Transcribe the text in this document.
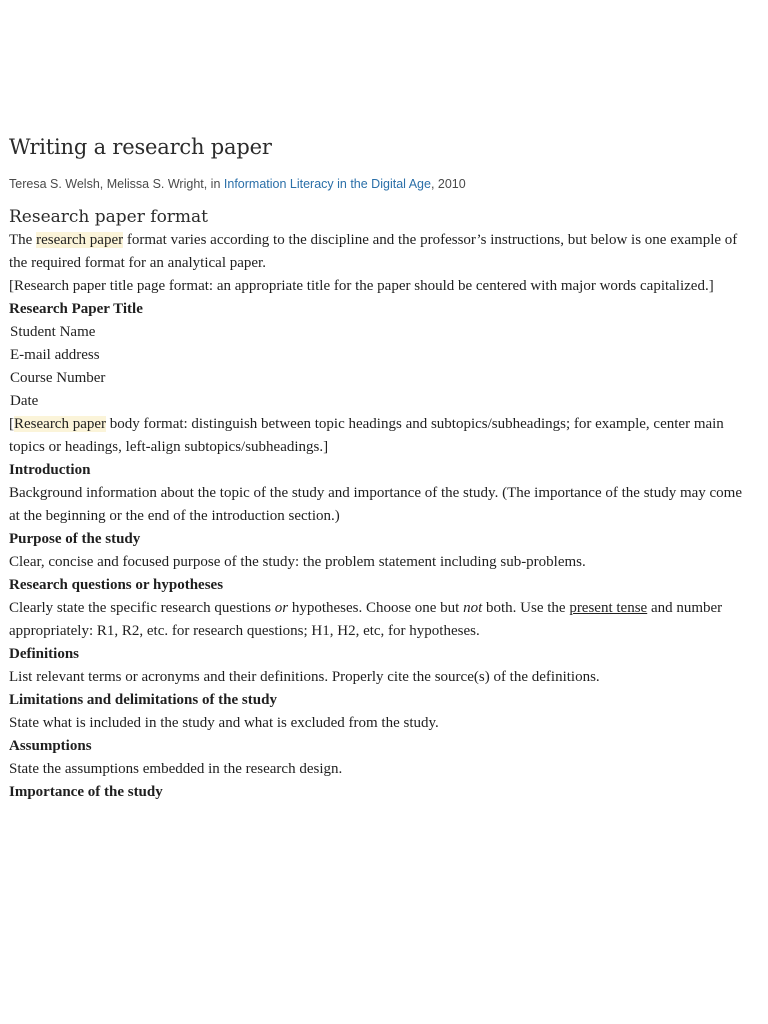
Writing a research paper
Teresa S. Welsh, Melissa S. Wright, in Information Literacy in the Digital Age, 2010
Research paper format

The research paper format varies according to the discipline and the professor’s instructions, but below is one example of the required format for an analytical paper.

[Research paper title page format: an appropriate title for the paper should be centered with major words capitalized.]

Research Paper Title

Student Name

E-mail address

Course Number

Date

[Research paper body format: distinguish between topic headings and subtopics/subheadings; for example, center main topics or headings, left-align subtopics/subheadings.]

Introduction

Background information about the topic of the study and importance of the study. (The importance of the study may come at the beginning or the end of the introduction section.)

Purpose of the study

Clear, concise and focused purpose of the study: the problem statement including sub-problems.

Research questions or hypotheses

Clearly state the specific research questions or hypotheses. Choose one but not both. Use the present tense and number appropriately: R1, R2, etc. for research questions; H1, H2, etc, for hypotheses.

Definitions

List relevant terms or acronyms and their definitions. Properly cite the source(s) of the definitions.

Limitations and delimitations of the study

State what is included in the study and what is excluded from the study.

Assumptions

State the assumptions embedded in the research design.

Importance of the study
